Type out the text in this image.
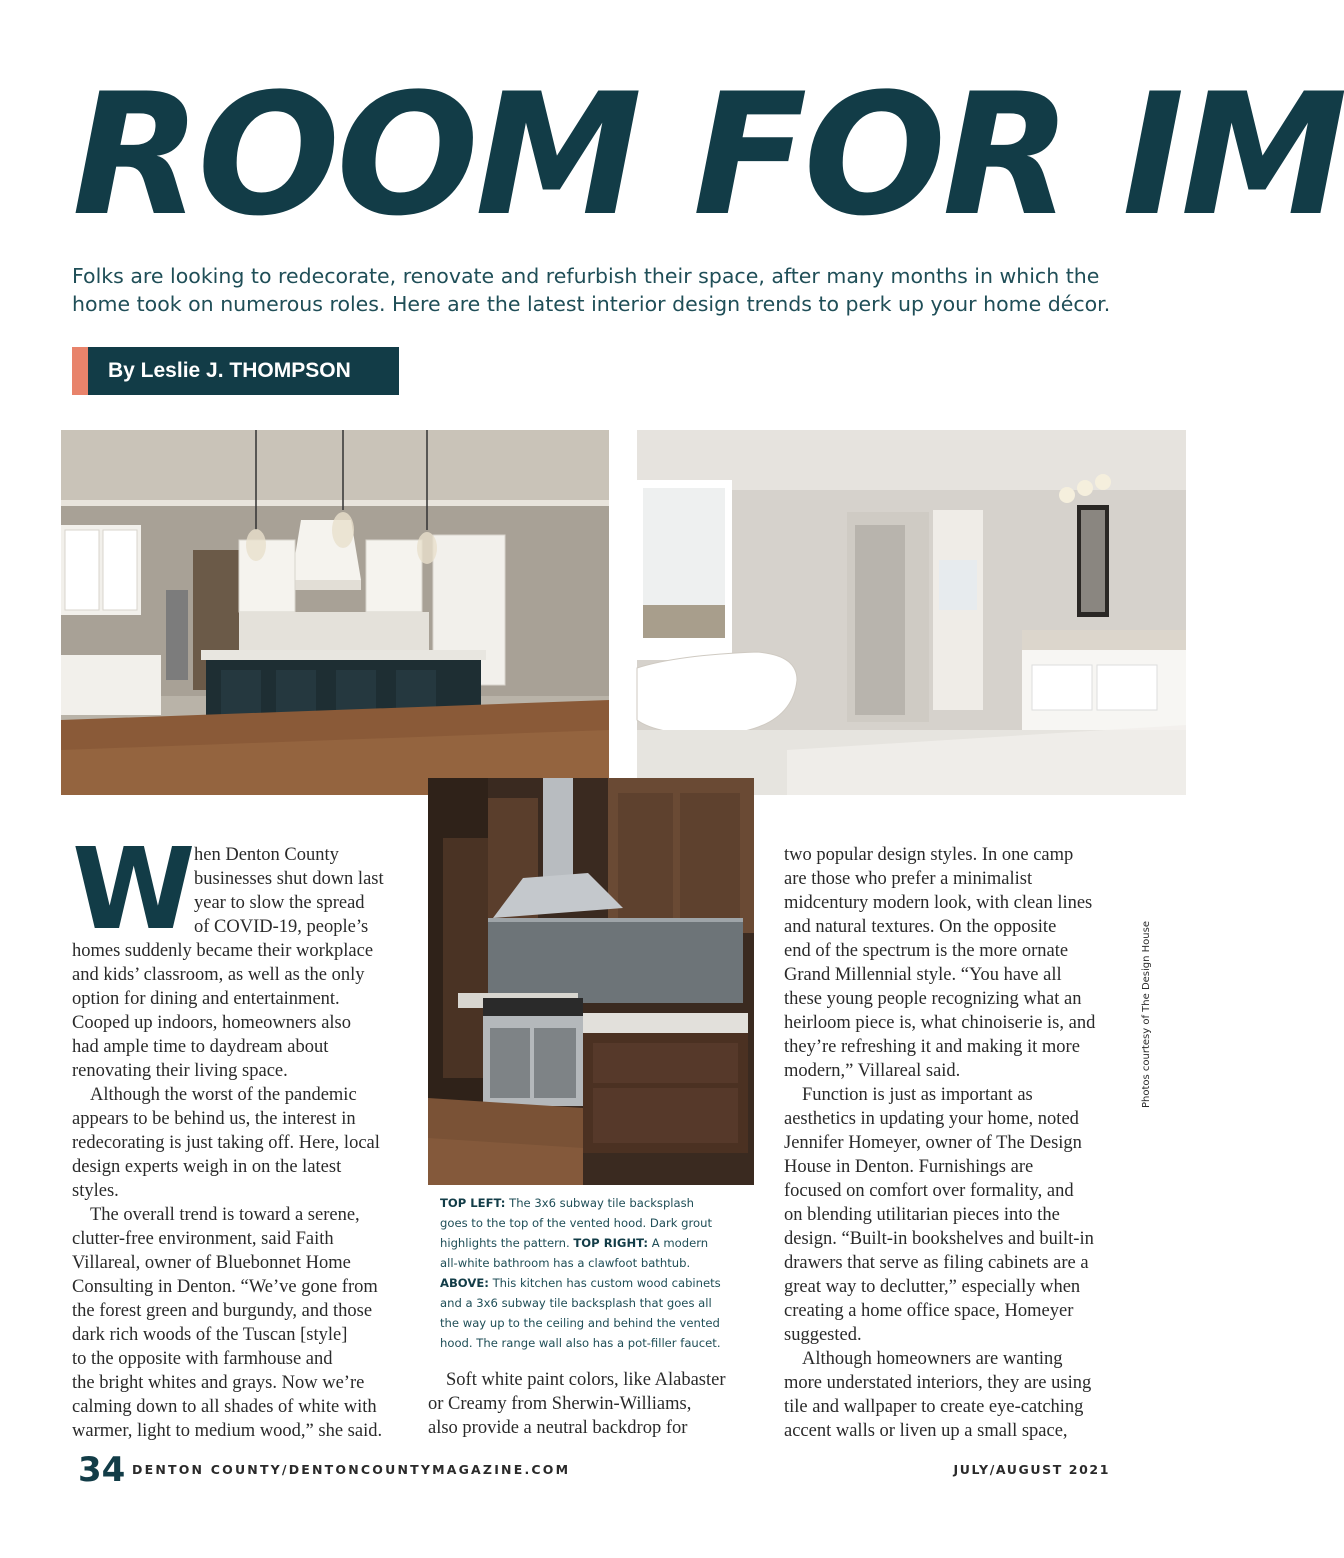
ROOM FOR IM

Folks are looking to redecorate, renovate and refurbish their space, after many months in which the

home took on numerous roles. Here are the latest interior design trends to perk up your home décor.

By Leslie J. THOMPSON
W

hen Denton County

businesses shut down last

year to slow the spread

of COVID-19, people’s

homes suddenly became their workplace

and kids’ classroom, as well as the only

option for dining and entertainment.

Cooped up indoors, homeowners also

had ample time to daydream about

renovating their living space.

Although the worst of the pandemic

appears to be behind us, the interest in

redecorating is just taking off. Here, local

design experts weigh in on the latest

styles.

The overall trend is toward a serene,

clutter-free environment, said Faith

Villareal, owner of Bluebonnet Home

Consulting in Denton. “We’ve gone from

the forest green and burgundy, and those

dark rich woods of the Tuscan [style]

to the opposite with farmhouse and

the bright whites and grays. Now we’re

calming down to all shades of white with

warmer, light to medium wood,” she said.

TOP LEFT: The 3x6 subway tile backsplash

goes to the top of the vented hood. Dark grout

highlights the pattern. TOP RIGHT: A modern

all-white bathroom has a clawfoot bathtub.

ABOVE: This kitchen has custom wood cabinets

and a 3x6 subway tile backsplash that goes all

the way up to the ceiling and behind the vented

hood. The range wall also has a pot-filler faucet.

Soft white paint colors, like Alabaster

or Creamy from Sherwin-Williams,

also provide a neutral backdrop for

two popular design styles. In one camp

are those who prefer a minimalist

midcentury modern look, with clean lines

and natural textures. On the opposite

end of the spectrum is the more ornate

Grand Millennial style. “You have all

these young people recognizing what an

heirloom piece is, what chinoiserie is, and

they’re refreshing it and making it more

modern,” Villareal said.

Function is just as important as

aesthetics in updating your home, noted

Jennifer Homeyer, owner of The Design

House in Denton. Furnishings are

focused on comfort over formality, and

on blending utilitarian pieces into the

design. “Built-in bookshelves and built-in

drawers that serve as filing cabinets are a

great way to declutter,” especially when

creating a home office space, Homeyer

suggested.

Although homeowners are wanting

more understated interiors, they are using

tile and wallpaper to create eye-catching

accent walls or liven up a small space,

Photos courtesy of The Design House
34 DENTON COUNTY/DENTONCOUNTYMAGAZINE.COM	JULY/AUGUST 2021
